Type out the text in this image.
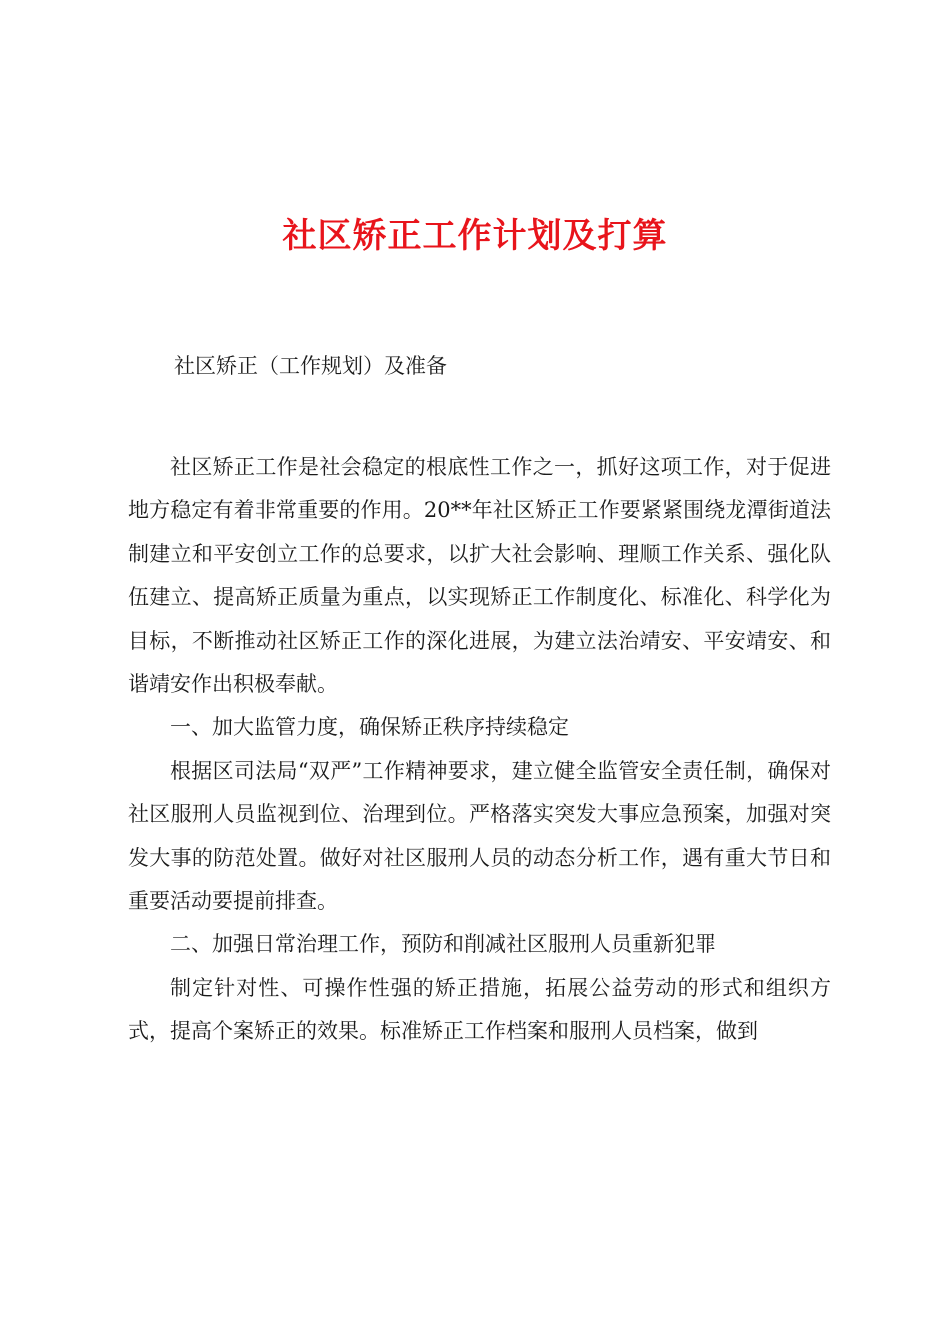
社区矫正工作计划及打算
社区矫正（工作规划）及准备

社区矫正工作是社会稳定的根底性工作之一，抓好这项工作，对于促进地方稳定有着非常重要的作用。20**年社区矫正工作要紧紧围绕龙潭街道法制建立和平安创立工作的总要求，以扩大社会影响、理顺工作关系、强化队伍建立、提高矫正质量为重点，以实现矫正工作制度化、标准化、科学化为目标，不断推动社区矫正工作的深化进展，为建立法治靖安、平安靖安、和谐靖安作出积极奉献。

一、加大监管力度，确保矫正秩序持续稳定

根据区司法局“双严”工作精神要求，建立健全监管安全责任制，确保对社区服刑人员监视到位、治理到位。严格落实突发大事应急预案，加强对突发大事的防范处置。做好对社区服刑人员的动态分析工作，遇有重大节日和重要活动要提前排查。

二、加强日常治理工作，预防和削减社区服刑人员重新犯罪

制定针对性、可操作性强的矫正措施，拓展公益劳动的形式和组织方式，提高个案矫正的效果。标准矫正工作档案和服刑人员档案，做到
